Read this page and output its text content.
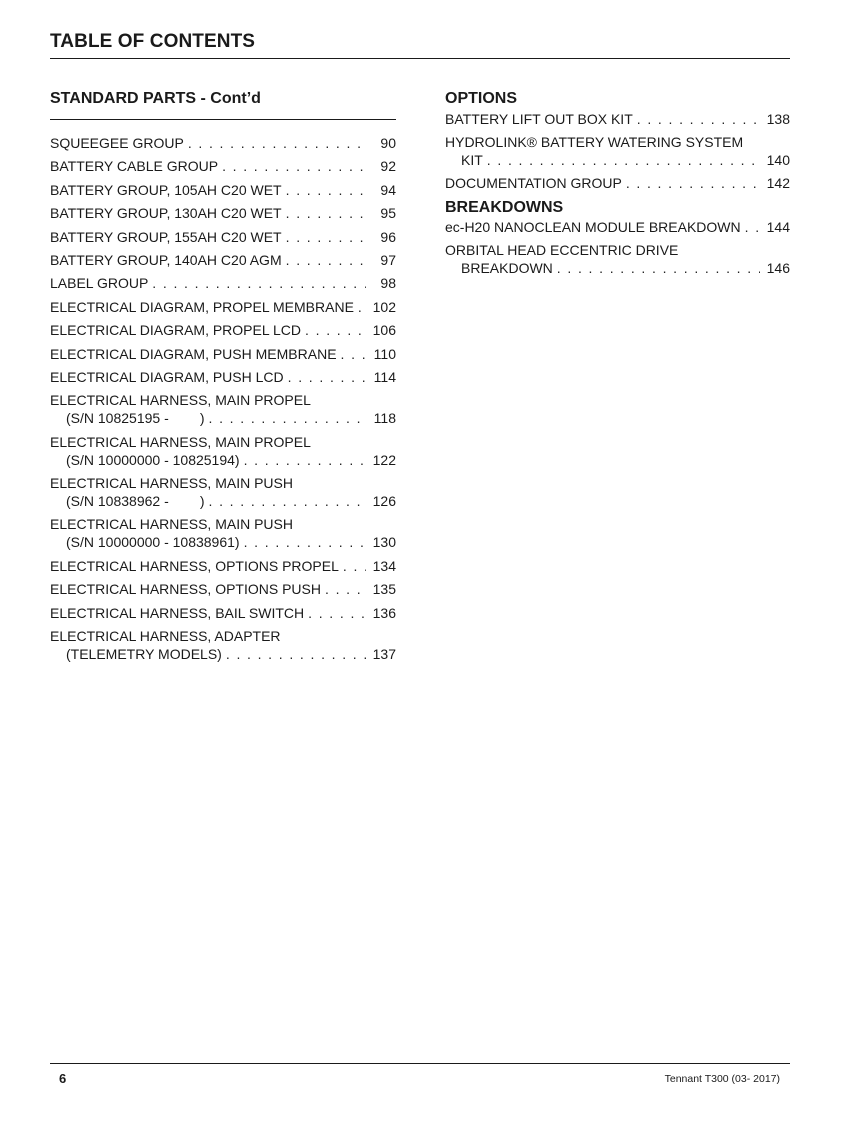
TABLE OF CONTENTS
STANDARD PARTS - Cont’d
SQUEEGEE GROUP . . .	90
BATTERY CABLE GROUP . . .	92
BATTERY GROUP, 105AH C20 WET . . .	94
BATTERY GROUP, 130AH C20 WET . . .	95
BATTERY GROUP, 155AH C20 WET . . .	96
BATTERY GROUP, 140AH C20 AGM . . .	97
LABEL GROUP . . .	98
ELECTRICAL DIAGRAM, PROPEL MEMBRANE . . .	102
ELECTRICAL DIAGRAM, PROPEL LCD . . .	106
ELECTRICAL DIAGRAM, PUSH MEMBRANE . . .	110
ELECTRICAL DIAGRAM, PUSH LCD . . .	114
ELECTRICAL HARNESS, MAIN PROPEL
(S/N 10825195 -        ) . . .	118
ELECTRICAL HARNESS, MAIN PROPEL
(S/N 10000000 - 10825194) . . .	122
ELECTRICAL HARNESS, MAIN PUSH
(S/N 10838962 -        ) . . .	126
ELECTRICAL HARNESS, MAIN PUSH
(S/N 10000000 - 10838961) . . .	130
ELECTRICAL HARNESS, OPTIONS PROPEL . . .	134
ELECTRICAL HARNESS, OPTIONS PUSH . . .	135
ELECTRICAL HARNESS, BAIL SWITCH . . .	136
ELECTRICAL HARNESS, ADAPTER
(TELEMETRY MODELS) . . .	137
OPTIONS
BATTERY LIFT OUT BOX KIT . . .	138
HYDROLINK® BATTERY WATERING SYSTEM
KIT . . .	140
DOCUMENTATION GROUP . . .	142
BREAKDOWNS
ec-H20 NANOCLEAN MODULE BREAKDOWN . . .	144
ORBITAL HEAD ECCENTRIC DRIVE
BREAKDOWN . . .	146
6	Tennant T300 (03- 2017)
